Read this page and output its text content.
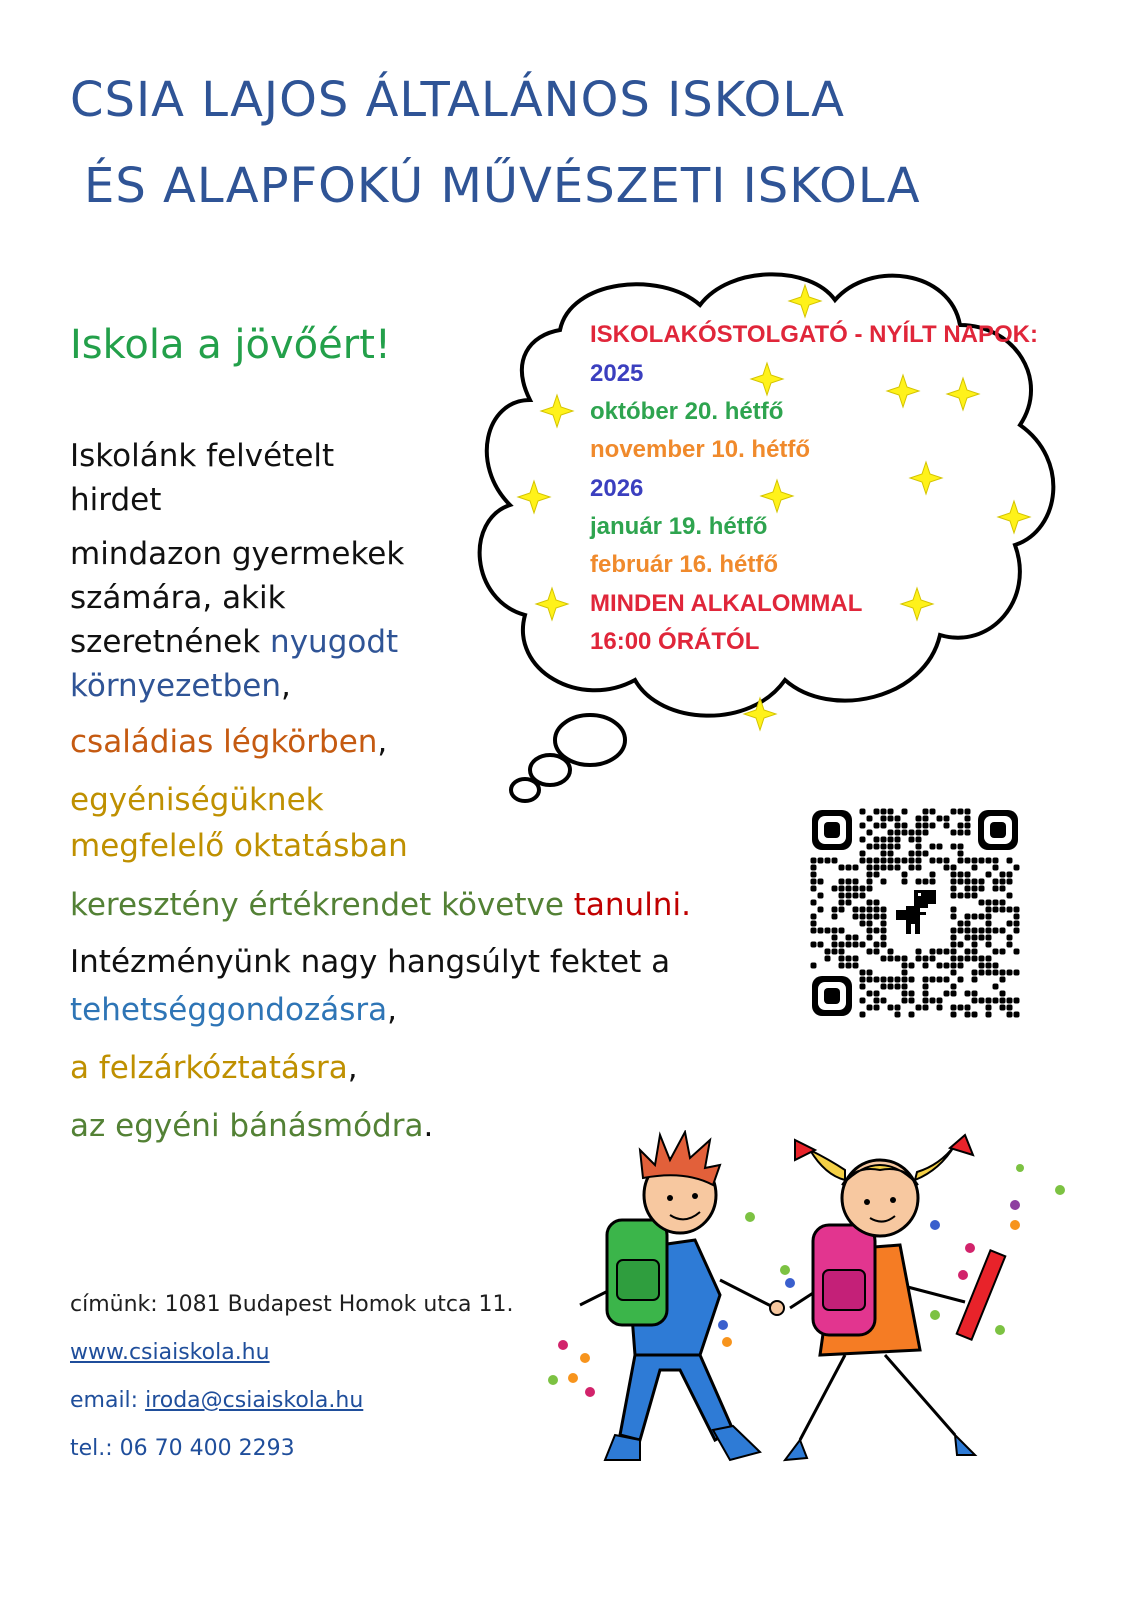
CSIA LAJOS ÁLTALÁNOS ISKOLA
ÉS ALAPFOKÚ MŰVÉSZETI ISKOLA
Iskola a jövőért!
Iskolánk felvételt
hirdet
mindazon gyermekek
számára, akik
szeretnének nyugodt
környezetben,
családias légkörben,
egyéniségüknek
megfelelő oktatásban
keresztény értékrendet követve tanulni.
Intézményünk nagy hangsúlyt fektet a
tehetséggondozásra,
a felzárkóztatásra,
az egyéni bánásmódra.
ISKOLAKÓSTOLGATÓ - NYÍLT NAPOK:
2025
október 20. hétfő
november 10. hétfő
2026
január 19. hétfő
február 16. hétfő
MINDEN ALKALOMMAL
16:00 ÓRÁTÓL
címünk: 1081 Budapest Homok utca 11.
www.csiaiskola.hu
email: iroda@csiaiskola.hu
tel.: 06 70 400 2293
